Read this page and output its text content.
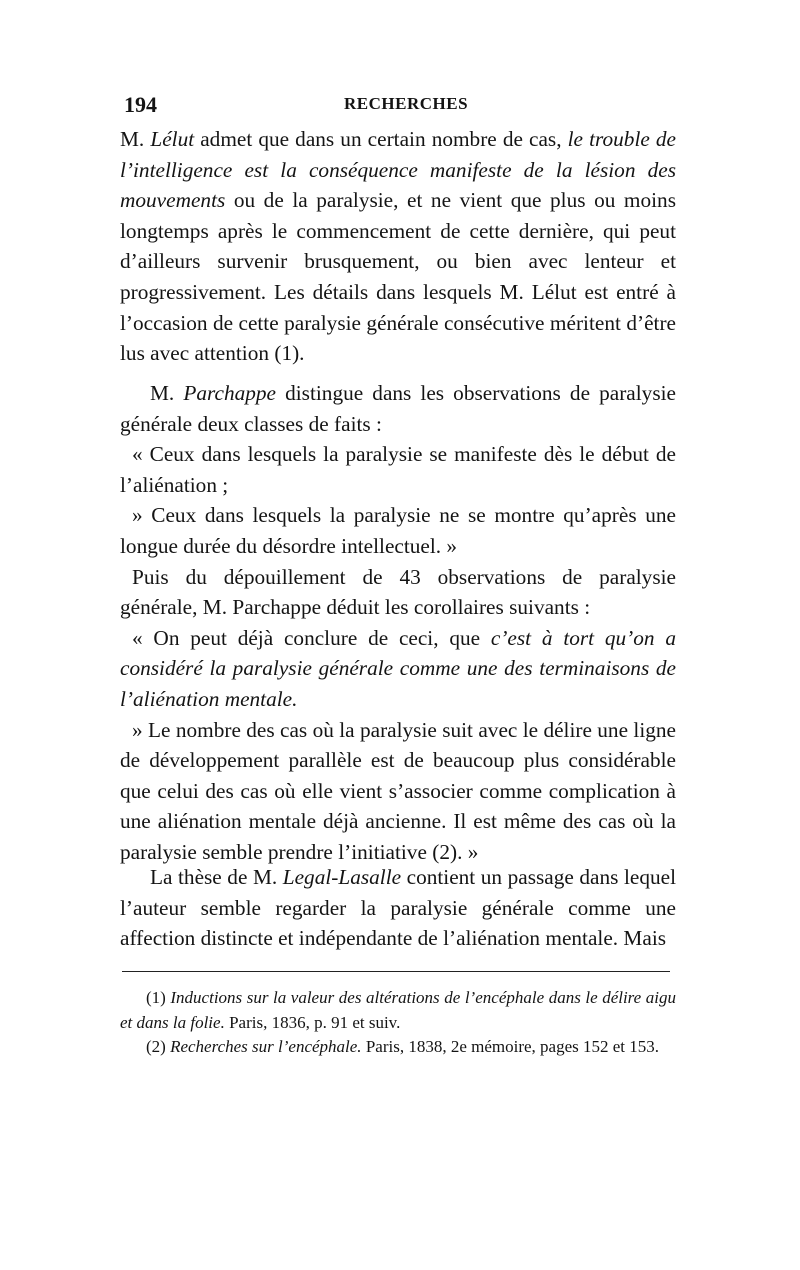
194	RECHERCHES

M. Lélut admet que dans un certain nombre de cas, le trouble de l’intelligence est la conséquence manifeste de la lésion des mouvements ou de la paralysie, et ne vient que plus ou moins longtemps après le commencement de cette dernière, qui peut d’ailleurs survenir brusquement, ou bien avec lenteur et progressivement. Les détails dans lesquels M. Lélut est entré à l’occasion de cette paralysie générale consécutive méritent d’être lus avec attention (1).

M. Parchappe distingue dans les observations de paralysie générale deux classes de faits :

« Ceux dans lesquels la paralysie se manifeste dès le début de l’aliénation ;

» Ceux dans lesquels la paralysie ne se montre qu’après une longue durée du désordre intellectuel. »

Puis du dépouillement de 43 observations de paralysie générale, M. Parchappe déduit les corollaires suivants :

« On peut déjà conclure de ceci, que c’est à tort qu’on a considéré la paralysie générale comme une des terminaisons de l’aliénation mentale.

» Le nombre des cas où la paralysie suit avec le délire une ligne de développement parallèle est de beaucoup plus considérable que celui des cas où elle vient s’associer comme complication à une aliénation mentale déjà ancienne. Il est même des cas où la paralysie semble prendre l’initiative (2). »

La thèse de M. Legal-Lasalle contient un passage dans lequel l’auteur semble regarder la paralysie générale comme une affection distincte et indépendante de l’aliénation mentale. Mais

(1) Inductions sur la valeur des altérations de l’encéphale dans le délire aigu et dans la folie. Paris, 1836, p. 91 et suiv.

(2) Recherches sur l’encéphale. Paris, 1838, 2e mémoire, pages 152 et 153.
